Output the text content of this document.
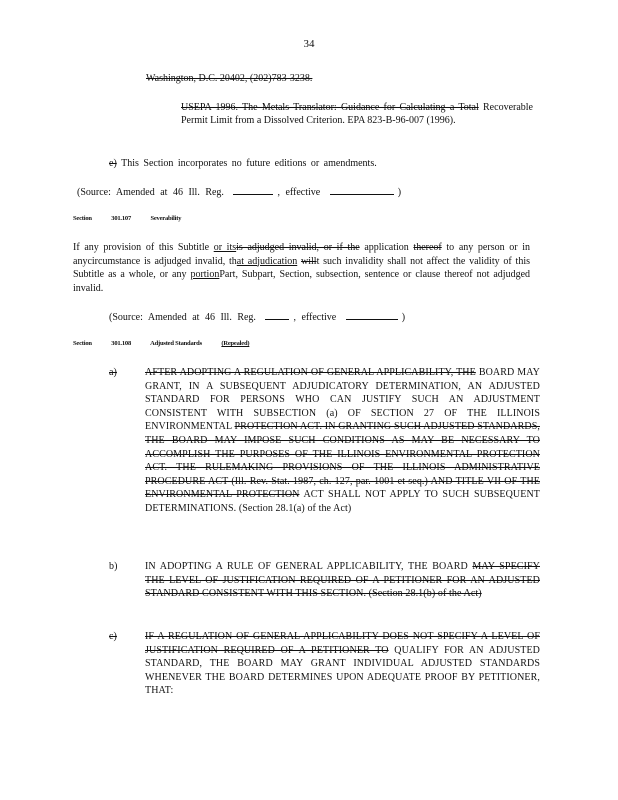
34
Washington, D.C. 20402, (202)783-3238.
USEPA 1996. The Metals Translator: Guidance for Calculating a Total Recoverable Permit Limit from a Dissolved Criterion. EPA 823-B-96-007 (1996).
e) This Section incorporates no future editions or amendments.
(Source: Amended at 46 Ill. Reg.	, effective	)
Section	301.107	Severability
If any provision of this Subtitle or itsis adjudged invalid, or if the application thereof to any person or in anycircumstance is adjudged invalid, that adjudication willt such invalidity shall not affect the validity of this Subtitle as a whole, or any portionPart, Subpart, Section, subsection, sentence or clause thereof not adjudged invalid.
(Source: Amended at 46 Ill. Reg.	, effective	)
Section	301.108	Adjusted Standards	(Repealed)
a)	AFTER ADOPTING A REGULATION OF GENERAL APPLICABILITY, THE BOARD MAY GRANT, IN A SUBSEQUENT ADJUDICATORY DETERMINATION, AN ADJUSTED STANDARD FOR PERSONS WHO CAN JUSTIFY SUCH AN ADJUSTMENT CONSISTENT WITH SUBSECTION (a) OF SECTION 27 OF THE ILLINOIS ENVIRONMENTAL PROTECTION ACT. IN GRANTING SUCH ADJUSTED STANDARDS, THE BOARD MAY IMPOSE SUCH CONDITIONS AS MAY BE NECESSARY TO ACCOMPLISH THE PURPOSES OF THE ILLINOIS ENVIRONMENTAL PROTECTION ACT. THE RULEMAKING PROVISIONS OF THE ILLINOIS ADMINISTRATIVE PROCEDURE ACT (Ill. Rev. Stat. 1987, ch. 127, par. 1001 et seq.) AND TITLE VII OF THE ENVIRONMENTAL PROTECTION ACT SHALL NOT APPLY TO SUCH SUBSEQUENT DETERMINATIONS. (Section 28.1(a) of the Act)
b)	IN ADOPTING A RULE OF GENERAL APPLICABILITY, THE BOARD MAY SPECIFY THE LEVEL OF JUSTIFICATION REQUIRED OF A PETITIONER FOR AN ADJUSTED STANDARD CONSISTENT WITH THIS SECTION. (Section 28.1(b) of the Act)
c)	IF A REGULATION OF GENERAL APPLICABILITY DOES NOT SPECIFY A LEVEL OF JUSTIFICATION REQUIRED OF A PETITIONER TO QUALIFY FOR AN ADJUSTED STANDARD, THE BOARD MAY GRANT INDIVIDUAL ADJUSTED STANDARDS WHENEVER THE BOARD DETERMINES UPON ADEQUATE PROOF BY PETITIONER, THAT:
